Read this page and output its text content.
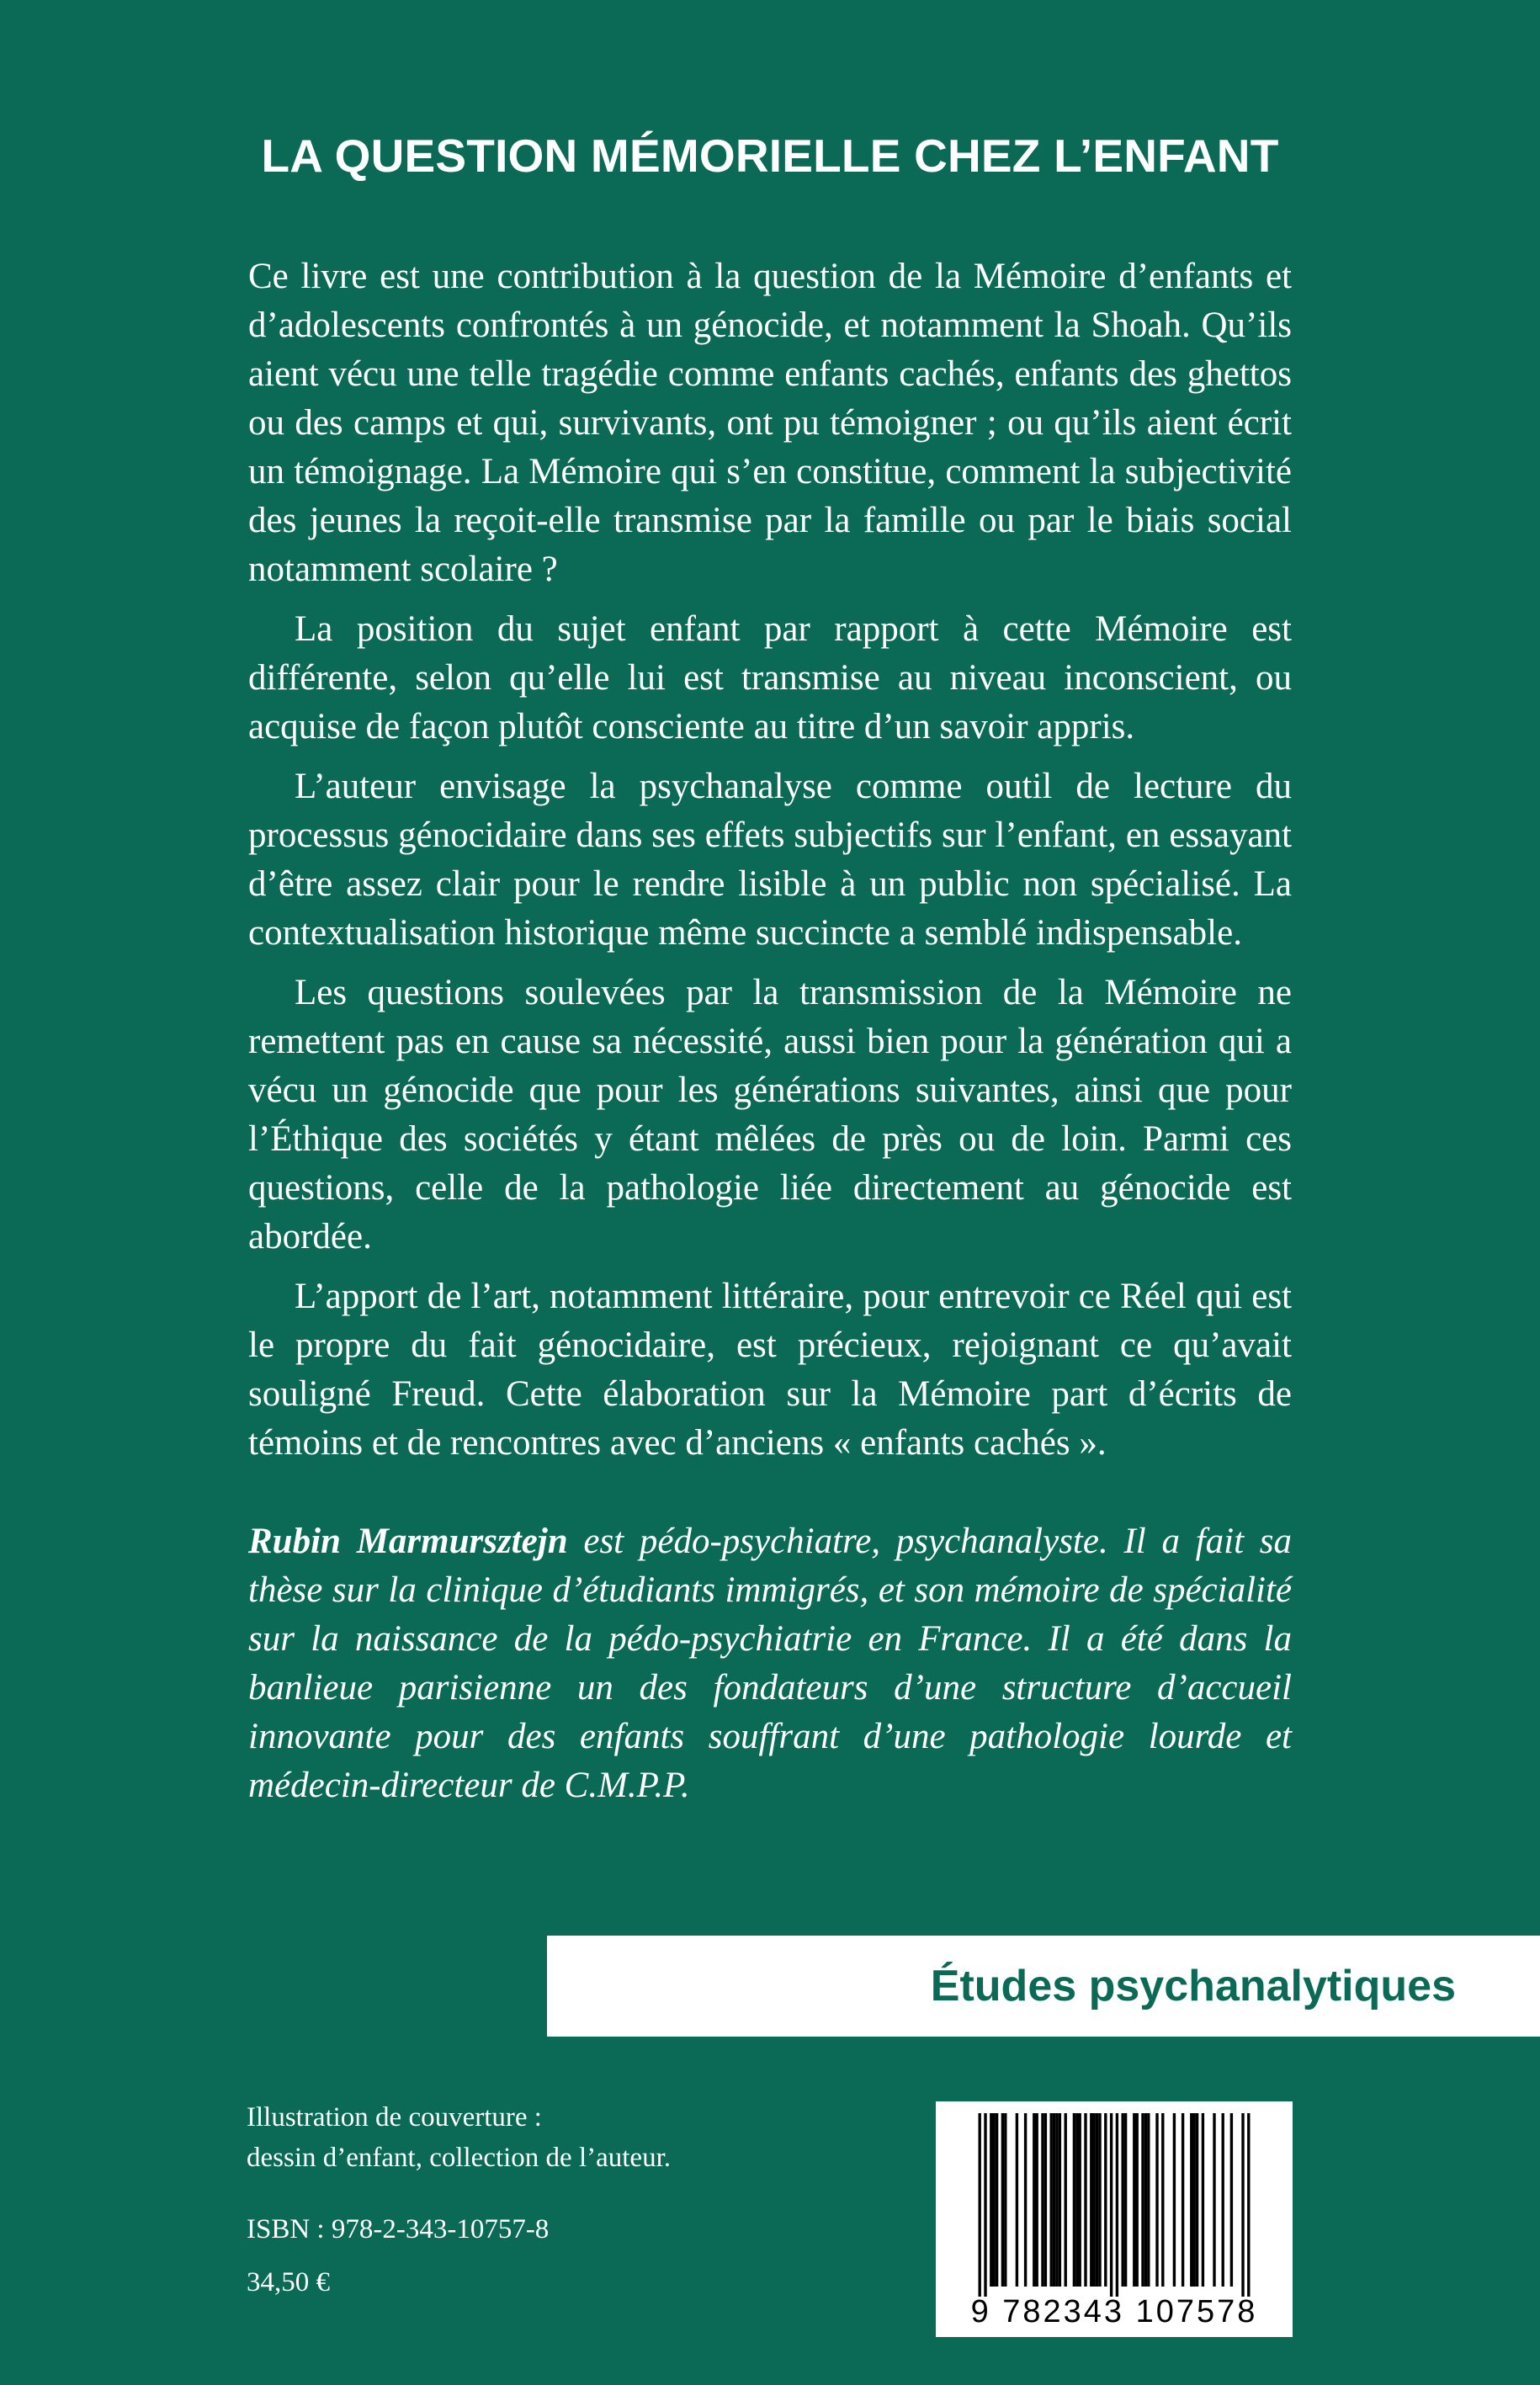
LA QUESTION MÉMORIELLE CHEZ L’ENFANT

Ce livre est une contribution à la question de la Mémoire d’enfants et d’adolescents confrontés à un génocide, et notamment la Shoah. Qu’ils aient vécu une telle tragédie comme enfants cachés, enfants des ghettos ou des camps et qui, survivants, ont pu témoigner ; ou qu’ils aient écrit un témoignage. La Mémoire qui s’en constitue, comment la subjectivité des jeunes la reçoit-elle transmise par la famille ou par le biais social notamment scolaire ?

La position du sujet enfant par rapport à cette Mémoire est différente, selon qu’elle lui est transmise au niveau inconscient, ou acquise de façon plutôt consciente au titre d’un savoir appris.

L’auteur envisage la psychanalyse comme outil de lecture du processus génocidaire dans ses effets subjectifs sur l’enfant, en essayant d’être assez clair pour le rendre lisible à un public non spécialisé. La contextualisation historique même succincte a semblé indispensable.

Les questions soulevées par la transmission de la Mémoire ne remettent pas en cause sa nécessité, aussi bien pour la génération qui a vécu un génocide que pour les générations suivantes, ainsi que pour l’Éthique des sociétés y étant mêlées de près ou de loin. Parmi ces questions, celle de la pathologie liée directement au génocide est abordée.

L’apport de l’art, notamment littéraire, pour entrevoir ce Réel qui est le propre du fait génocidaire, est précieux, rejoignant ce qu’avait souligné Freud. Cette élaboration sur la Mémoire part d’écrits de témoins et de rencontres avec d’anciens « enfants cachés ».

Rubin Marmursztejn est pédo-psychiatre, psychanalyste. Il a fait sa thèse sur la clinique d’étudiants immigrés, et son mémoire de spécialité sur la naissance de la pédo-psychiatrie en France. Il a été dans la banlieue parisienne un des fondateurs d’une structure d’accueil innovante pour des enfants souffrant d’une pathologie lourde et médecin-directeur de C.M.P.P.

Études psychanalytiques
Illustration de couverture :
dessin d’enfant, collection de l’auteur.
ISBN : 978-2-343-10757-8
34,50 €
9 782343 107578
